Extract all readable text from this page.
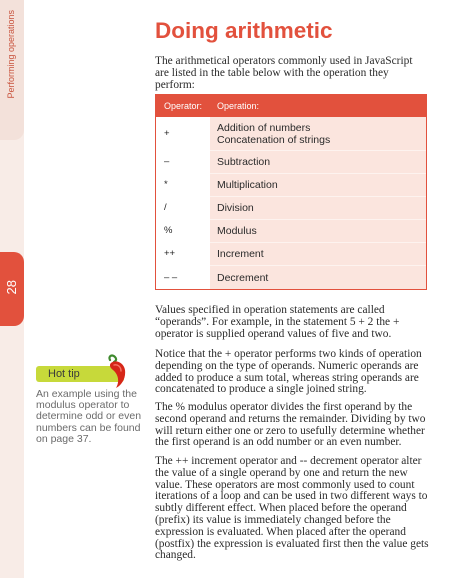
Performing operations
28
Hot tip
An example using the modulus operator to determine odd or even numbers can be found on page 37.
Doing arithmetic

The arithmetical operators commonly used in JavaScript are listed in the table below with the operation they perform:

Operator:	Operation:
+	Addition of numbers
Concatenation of strings
–	Subtraction
*	Multiplication
/	Division
%	Modulus
++	Increment
– –	Decrement

Values specified in operation statements are called “operands”. For example, in the statement 5 + 2 the + operator is supplied operand values of five and two.

Notice that the + operator performs two kinds of operation depending on the type of operands. Numeric operands are added to produce a sum total, whereas string operands are concatenated to produce a single joined string.

The % modulus operator divides the first operand by the second operand and returns the remainder. Dividing by two will return either one or zero to usefully determine whether the first operand is an odd number or an even number.

The ++ increment operator and -- decrement operator alter the value of a single operand by one and return the new value. These operators are most commonly used to count iterations of a loop and can be used in two different ways to subtly different effect. When placed before the operand (prefix) its value is immediately changed before the expression is evaluated. When placed after the operand (postfix) the expression is evaluated first then the value gets changed.
